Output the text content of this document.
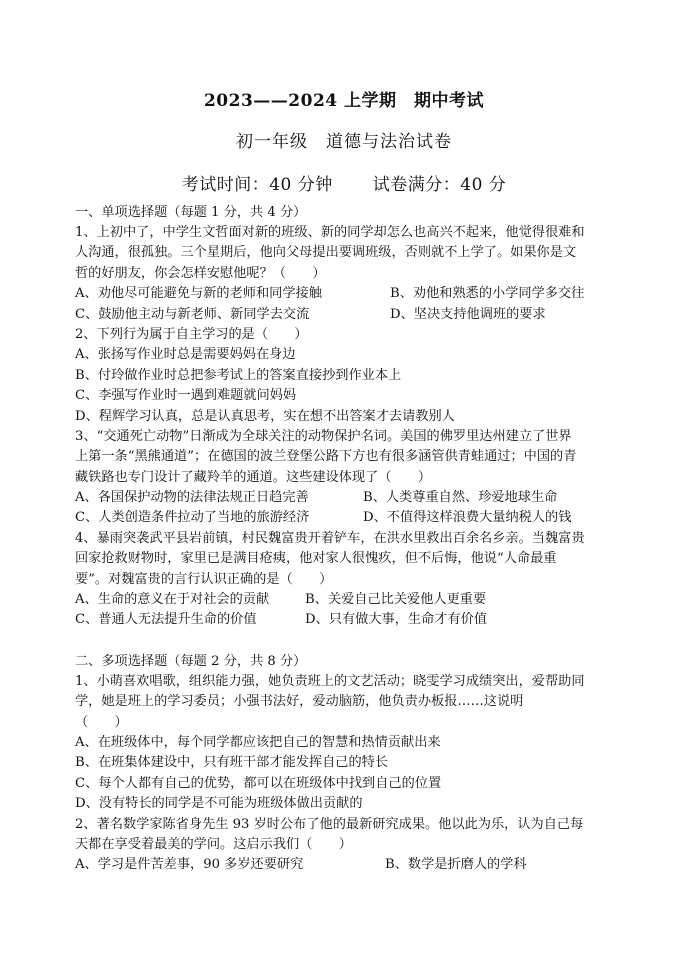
2023——2024 上学期　期中考试
初一年级　道德与法治试卷
考试时间：40 分钟 试卷满分：40 分
一、单项选择题（每题 1 分，共 4 分）
1、上初中了，中学生文哲面对新的班级、新的同学却怎么也高兴不起来，他觉得很难和
人沟通，很孤独。三个星期后，他向父母提出要调班级，否则就不上学了。如果你是文
哲的好朋友，你会怎样安慰他呢？（　　）
A、劝他尽可能避免与新的老师和同学接触	B、劝他和熟悉的小学同学多交往
C、鼓励他主动与新老师、新同学去交流	D、坚决支持他调班的要求
2、下列行为属于自主学习的是（　　）
A、张扬写作业时总是需要妈妈在身边
B、付玲做作业时总把参考试上的答案直接抄到作业本上
C、李强写作业时一遇到难题就问妈妈
D、程辉学习认真，总是认真思考，实在想不出答案才去请教别人
3、“交通死亡动物”日渐成为全球关注的动物保护名词。美国的佛罗里达州建立了世界
上第一条“黑熊通道”；在德国的波兰登堡公路下方也有很多涵管供青蛙通过；中国的青
藏铁路也专门设计了藏羚羊的通道。这些建设体现了（　　）
A、各国保护动物的法律法规正日趋完善	B、人类尊重自然、珍爱地球生命
C、人类创造条件拉动了当地的旅游经济	D、不值得这样浪费大量纳税人的钱
4、暴雨突袭武平县岩前镇，村民魏富贵开着铲车，在洪水里救出百余名乡亲。当魏富贵
回家抢救财物时，家里已是满目疮痍，他对家人很愧疚，但不后悔，他说“人命最重
要”。对魏富贵的言行认识正确的是（　　）
A、生命的意义在于对社会的贡献	B、关爱自己比关爱他人更重要
C、普通人无法提升生命的价值	D、只有做大事，生命才有价值
二、多项选择题（每题 2 分，共 8 分）
1、小萌喜欢唱歌，组织能力强，她负责班上的文艺活动；晓雯学习成绩突出，爱帮助同
学，她是班上的学习委员；小强书法好，爱动脑筋，他负责办板报……这说明
（　　）
A、在班级体中，每个同学都应该把自己的智慧和热情贡献出来
B、在班集体建设中，只有班干部才能发挥自己的特长
C、每个人都有自己的优势，都可以在班级体中找到自己的位置
D、没有特长的同学是不可能为班级体做出贡献的
2、著名数学家陈省身先生 93 岁时公布了他的最新研究成果。他以此为乐，认为自己每
天都在享受着最美的学问。这启示我们（　　）
A、学习是件苦差事，90 多岁还要研究	B、数学是折磨人的学科
